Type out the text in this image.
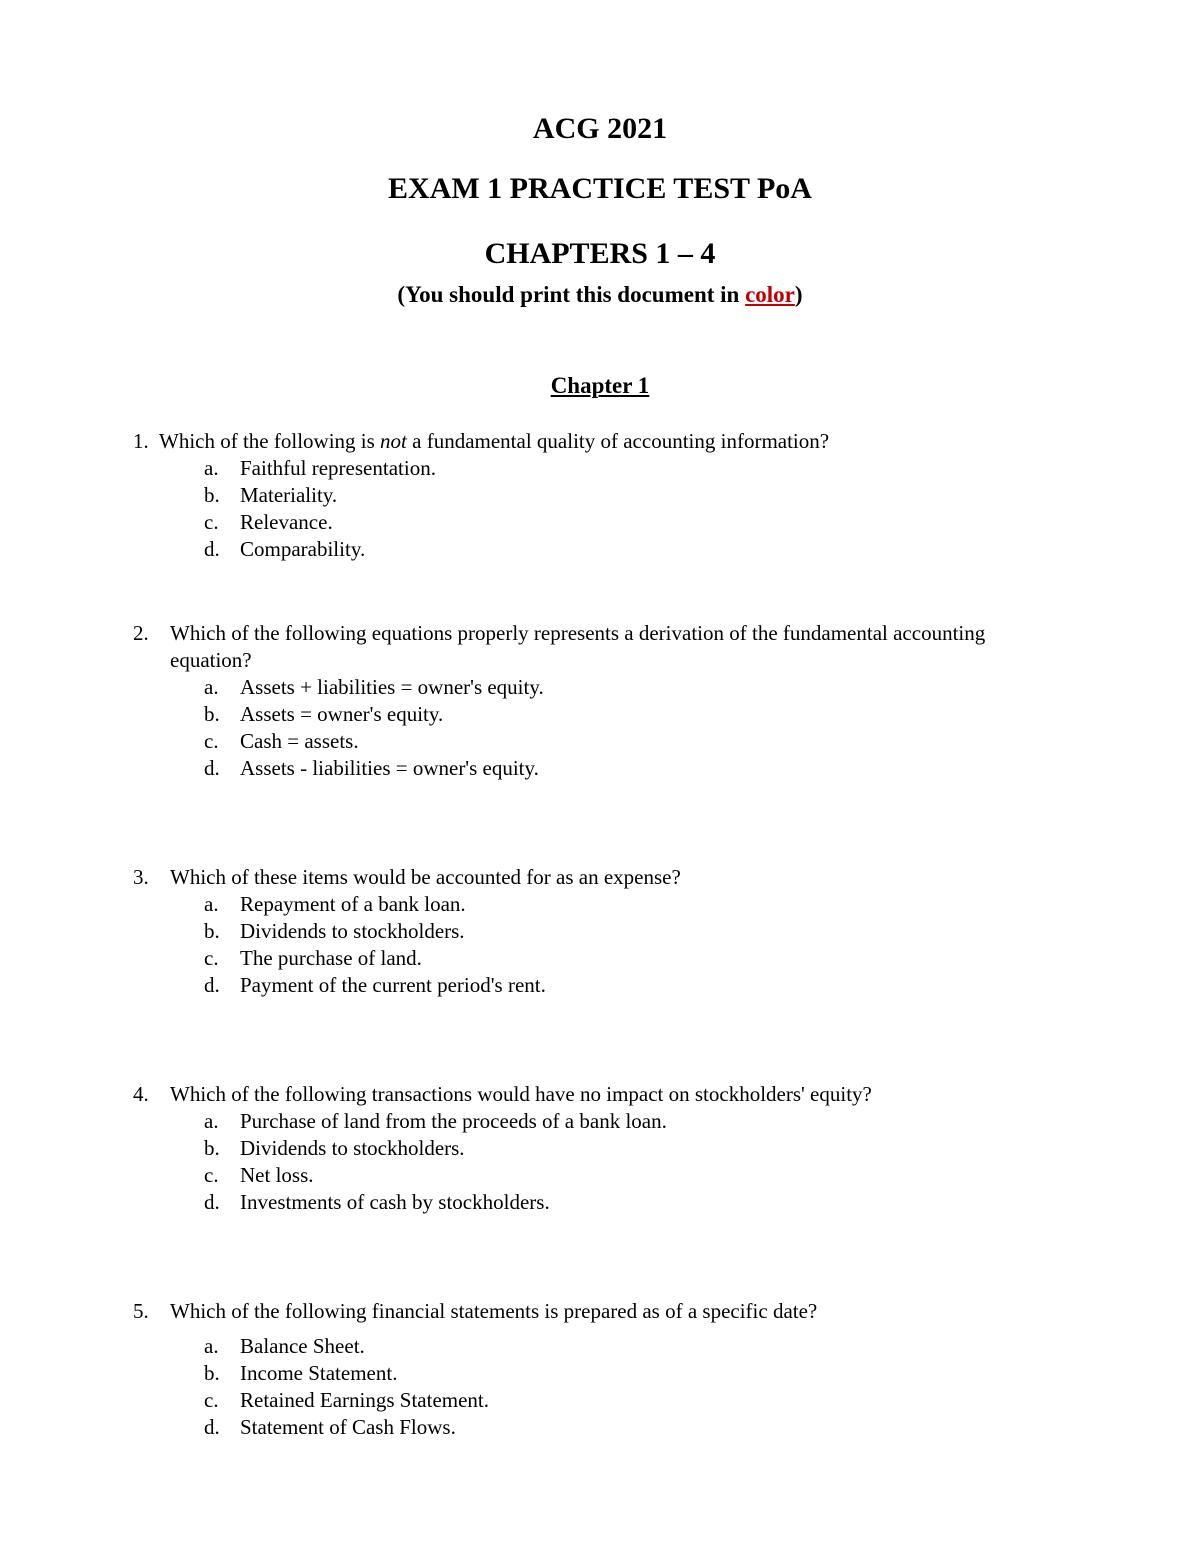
ACG 2021
EXAM 1 PRACTICE TEST PoA
CHAPTERS 1 – 4
(You should print this document in color)
Chapter 1
1. Which of the following is not a fundamental quality of accounting information?
a. Faithful representation.
b. Materiality.
c. Relevance.
d. Comparability.
2. Which of the following equations properly represents a derivation of the fundamental accounting
equation?
a. Assets + liabilities = owner's equity.
b. Assets = owner's equity.
c. Cash = assets.
d. Assets - liabilities = owner's equity.
3. Which of these items would be accounted for as an expense?
a. Repayment of a bank loan.
b. Dividends to stockholders.
c. The purchase of land.
d. Payment of the current period's rent.
4. Which of the following transactions would have no impact on stockholders' equity?
a. Purchase of land from the proceeds of a bank loan.
b. Dividends to stockholders.
c. Net loss.
d. Investments of cash by stockholders.
5. Which of the following financial statements is prepared as of a specific date?
a. Balance Sheet.
b. Income Statement.
c. Retained Earnings Statement.
d. Statement of Cash Flows.
